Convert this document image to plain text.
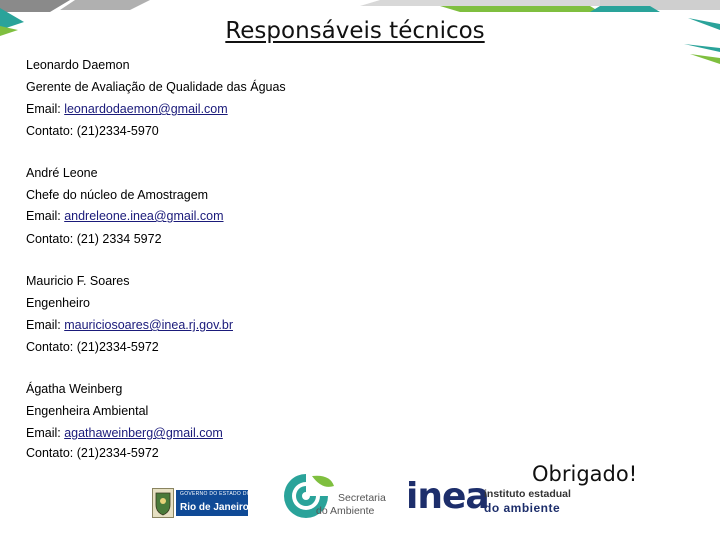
Responsáveis técnicos
Leonardo Daemon
Gerente de Avaliação de Qualidade das Águas
Email: leonardodaemon@gmail.com
Contato: (21)2334-5970
André Leone
Chefe do núcleo de Amostragem
Email: andreleone.inea@gmail.com
Contato: (21) 2334 5972
Mauricio F. Soares
Engenheiro
Email: mauriciosoares@inea.rj.gov.br
Contato: (21)2334-5972
Ágatha Weinberg
Engenheira Ambiental
Email: agathaweinberg@gmail.com
Contato: (21)2334-5972
Obrigado!
GOVERNO DO ESTADO DO
Rio de Janeiro
Secretaria
do Ambiente inea
instituto estadual
do ambiente
